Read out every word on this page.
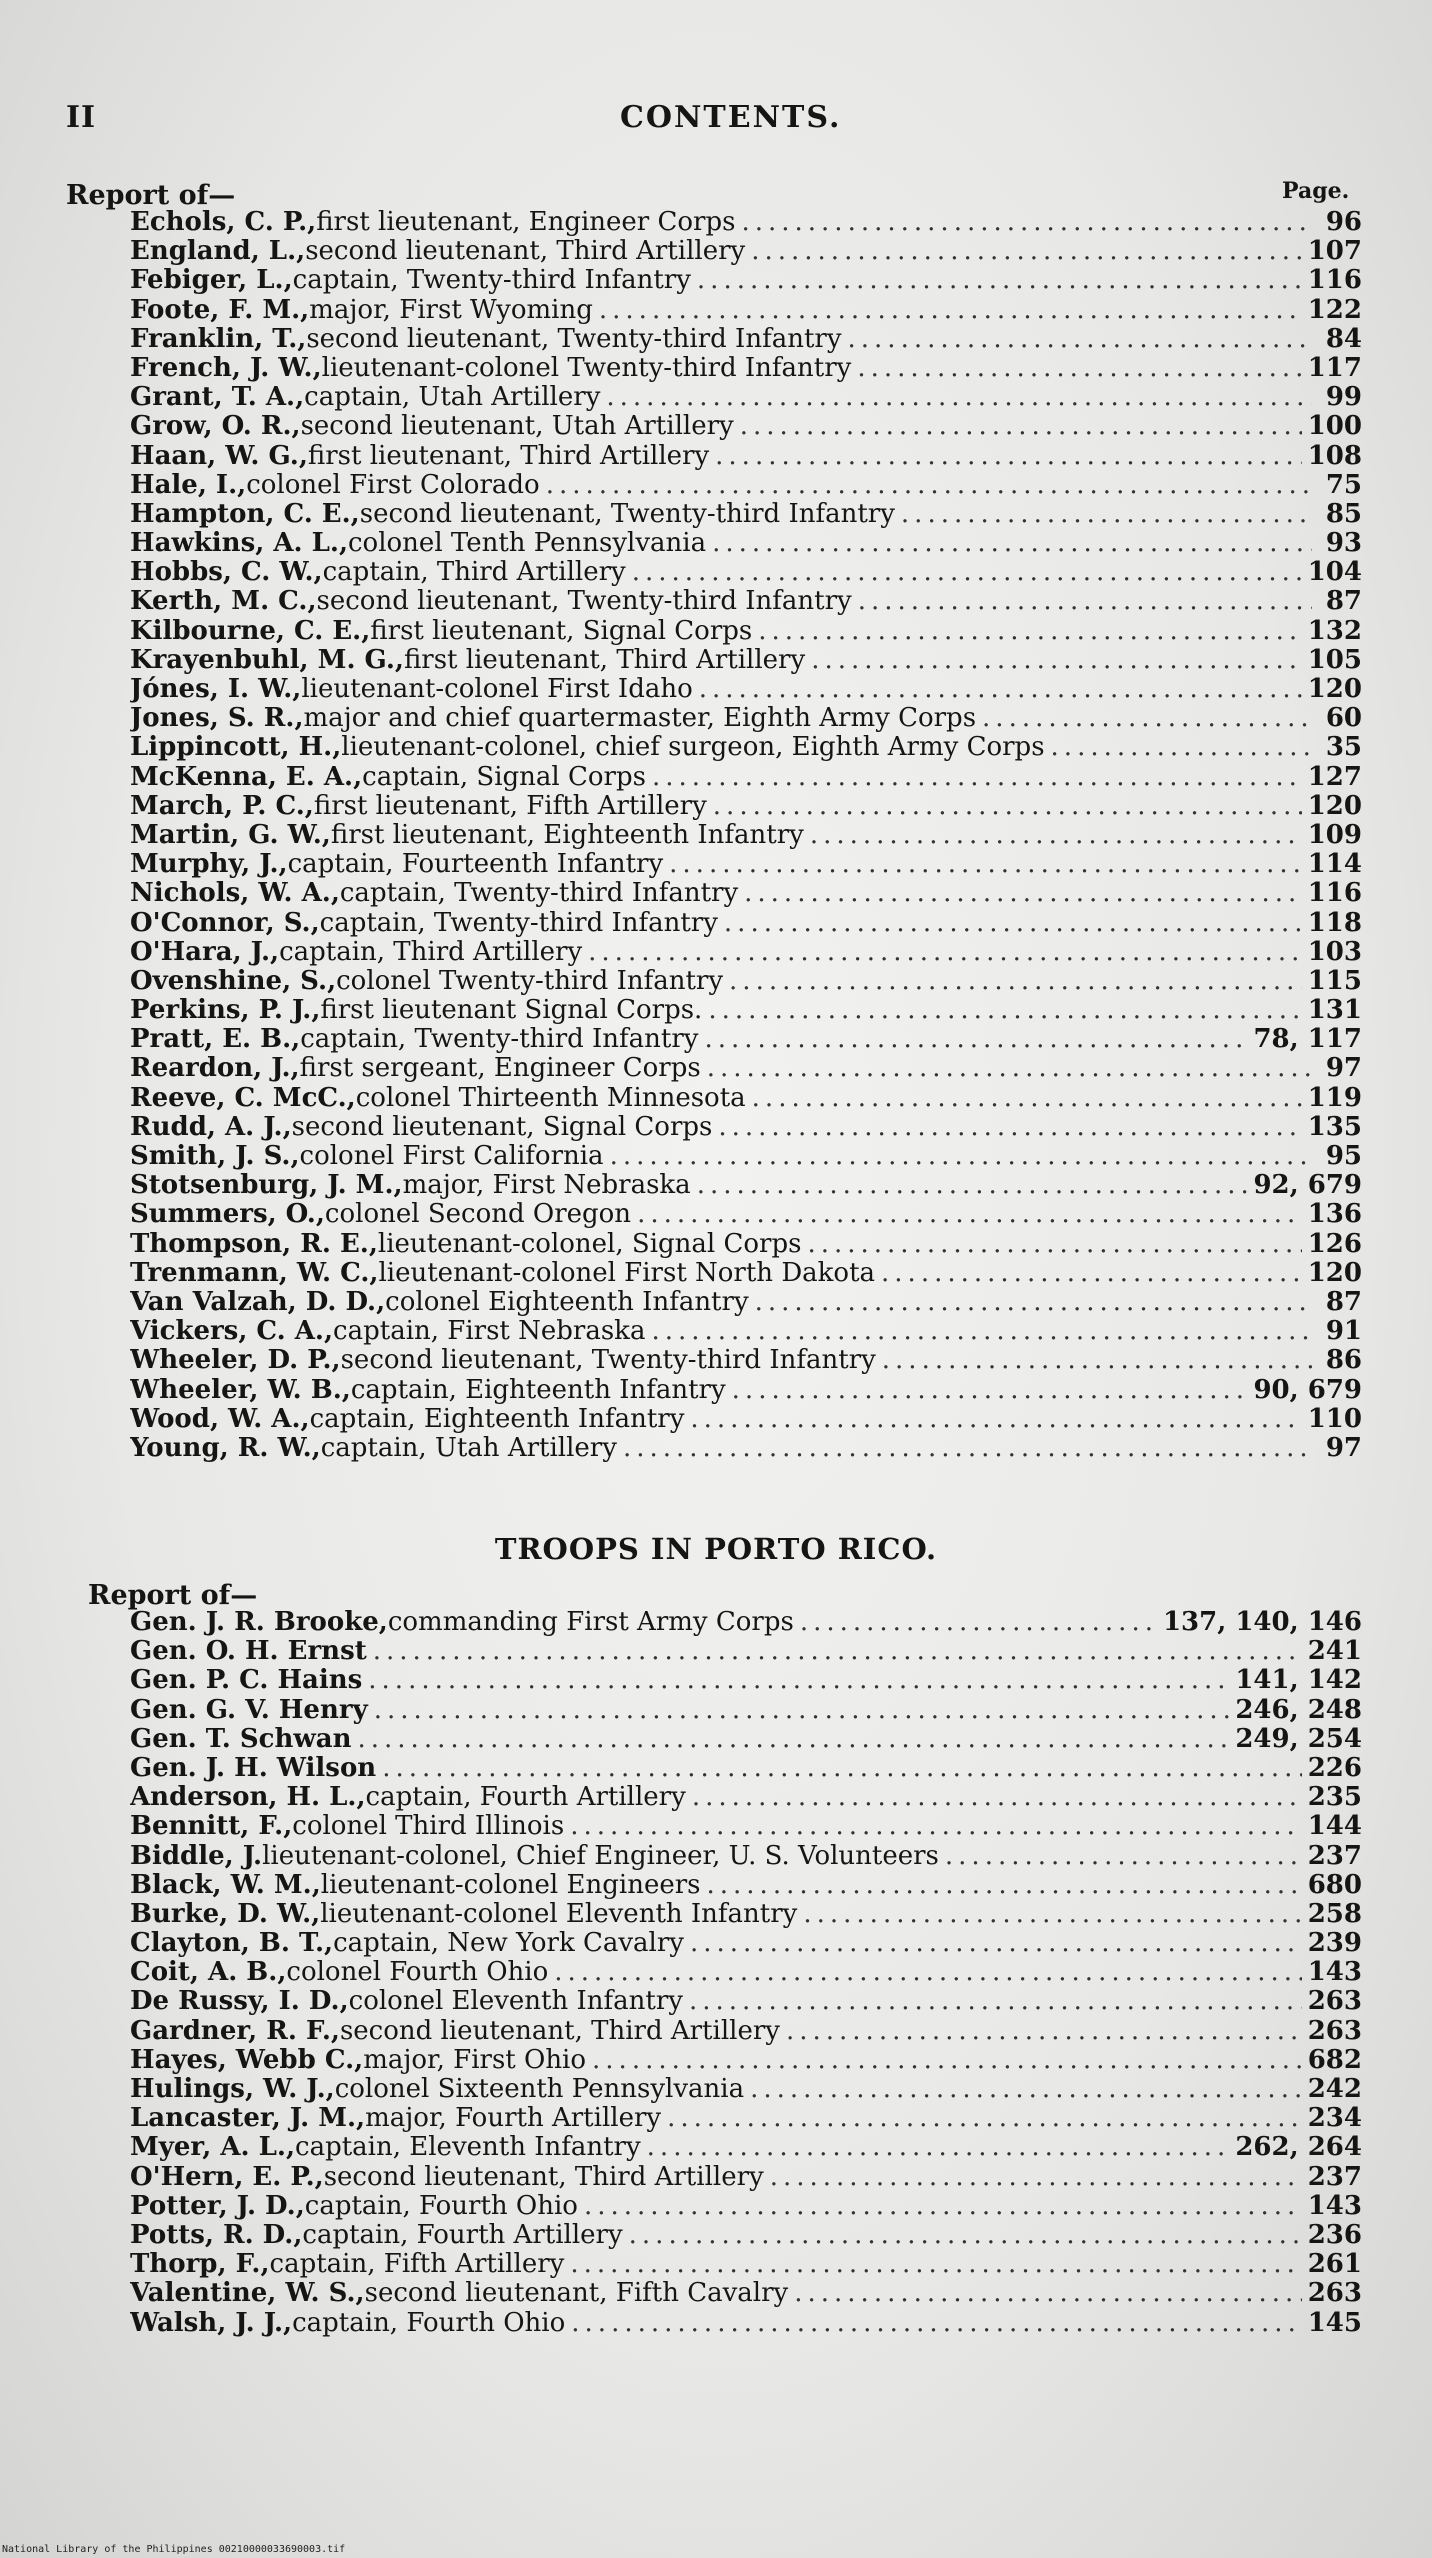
II	CONTENTS.
Page.
Report of—
Echols, C. P., first lieutenant, Engineer Corps .....	96
England, L., second lieutenant, Third Artillery .....	107
Febiger, L., captain, Twenty-third Infantry .....	116
Foote, F. M., major, First Wyoming .....	122
Franklin, T., second lieutenant, Twenty-third Infantry .....	84
French, J. W., lieutenant-colonel Twenty-third Infantry .....	117
Grant, T. A., captain, Utah Artillery .....	99
Grow, O. R., second lieutenant, Utah Artillery .....	100
Haan, W. G., first lieutenant, Third Artillery .....	108
Hale, I., colonel First Colorado .....	75
Hampton, C. E., second lieutenant, Twenty-third Infantry .....	85
Hawkins, A. L., colonel Tenth Pennsylvania .....	93
Hobbs, C. W., captain, Third Artillery .....	104
Kerth, M. C., second lieutenant, Twenty-third Infantry .....	87
Kilbourne, C. E., first lieutenant, Signal Corps .....	132
Krayenbuhl, M. G., first lieutenant, Third Artillery .....	105
Jónes, I. W., lieutenant-colonel First Idaho .....	120
Jones, S. R., major and chief quartermaster, Eighth Army Corps .....	60
Lippincott, H., lieutenant-colonel, chief surgeon, Eighth Army Corps .....	35
McKenna, E. A., captain, Signal Corps .....	127
March, P. C., first lieutenant, Fifth Artillery .....	120
Martin, G. W., first lieutenant, Eighteenth Infantry .....	109
Murphy, J., captain, Fourteenth Infantry .....	114
Nichols, W. A., captain, Twenty-third Infantry .....	116
O'Connor, S., captain, Twenty-third Infantry .....	118
O'Hara, J., captain, Third Artillery .....	103
Ovenshine, S., colonel Twenty-third Infantry .....	115
Perkins, P. J., first lieutenant Signal Corps. .....	131
Pratt, E. B., captain, Twenty-third Infantry .....	78, 117
Reardon, J., first sergeant, Engineer Corps .....	97
Reeve, C. McC., colonel Thirteenth Minnesota .....	119
Rudd, A. J., second lieutenant, Signal Corps .....	135
Smith, J. S., colonel First California .....	95
Stotsenburg, J. M., major, First Nebraska .....	92, 679
Summers, O., colonel Second Oregon .....	136
Thompson, R. E., lieutenant-colonel, Signal Corps .....	126
Trenmann, W. C., lieutenant-colonel First North Dakota .....	120
Van Valzah, D. D., colonel Eighteenth Infantry .....	87
Vickers, C. A., captain, First Nebraska .....	91
Wheeler, D. P., second lieutenant, Twenty-third Infantry .....	86
Wheeler, W. B., captain, Eighteenth Infantry .....	90, 679
Wood, W. A., captain, Eighteenth Infantry .....	110
Young, R. W., captain, Utah Artillery .....	97
TROOPS IN PORTO RICO.
Report of—
Gen. J. R. Brooke, commanding First Army Corps .....	137, 140, 146
Gen. O. H. Ernst .....	241
Gen. P. C. Hains .....	141, 142
Gen. G. V. Henry .....	246, 248
Gen. T. Schwan .....	249, 254
Gen. J. H. Wilson .....	226
Anderson, H. L., captain, Fourth Artillery .....	235
Bennitt, F., colonel Third Illinois .....	144
Biddle, J. lieutenant-colonel, Chief Engineer, U. S. Volunteers .....	237
Black, W. M., lieutenant-colonel Engineers .....	680
Burke, D. W., lieutenant-colonel Eleventh Infantry .....	258
Clayton, B. T., captain, New York Cavalry .....	239
Coit, A. B., colonel Fourth Ohio .....	143
De Russy, I. D., colonel Eleventh Infantry .....	263
Gardner, R. F., second lieutenant, Third Artillery .....	263
Hayes, Webb C., major, First Ohio .....	682
Hulings, W. J., colonel Sixteenth Pennsylvania .....	242
Lancaster, J. M., major, Fourth Artillery .....	234
Myer, A. L., captain, Eleventh Infantry .....	262, 264
O'Hern, E. P., second lieutenant, Third Artillery .....	237
Potter, J. D., captain, Fourth Ohio .....	143
Potts, R. D., captain, Fourth Artillery .....	236
Thorp, F., captain, Fifth Artillery .....	261
Valentine, W. S., second lieutenant, Fifth Cavalry .....	263
Walsh, J. J., captain, Fourth Ohio .....	145
National Library of the Philippines 00210000033690003.tif
